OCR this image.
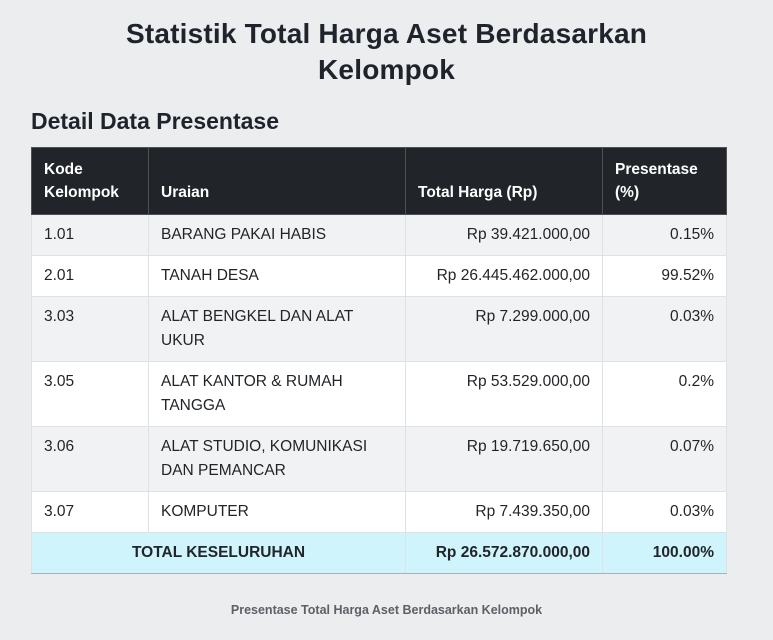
Statistik Total Harga Aset Berdasarkan Kelompok
Detail Data Presentase
Kode Kelompok	Uraian	Total Harga (Rp)	Presentase (%)
1.01	BARANG PAKAI HABIS	Rp 39.421.000,00	0.15%
2.01	TANAH DESA	Rp 26.445.462.000,00	99.52%
3.03	ALAT BENGKEL DAN ALAT UKUR	Rp 7.299.000,00	0.03%
3.05	ALAT KANTOR & RUMAH TANGGA	Rp 53.529.000,00	0.2%
3.06	ALAT STUDIO, KOMUNIKASI DAN PEMANCAR	Rp 19.719.650,00	0.07%
3.07	KOMPUTER	Rp 7.439.350,00	0.03%
TOTAL KESELURUHAN		Rp 26.572.870.000,00	100.00%
Presentase Total Harga Aset Berdasarkan Kelompok
